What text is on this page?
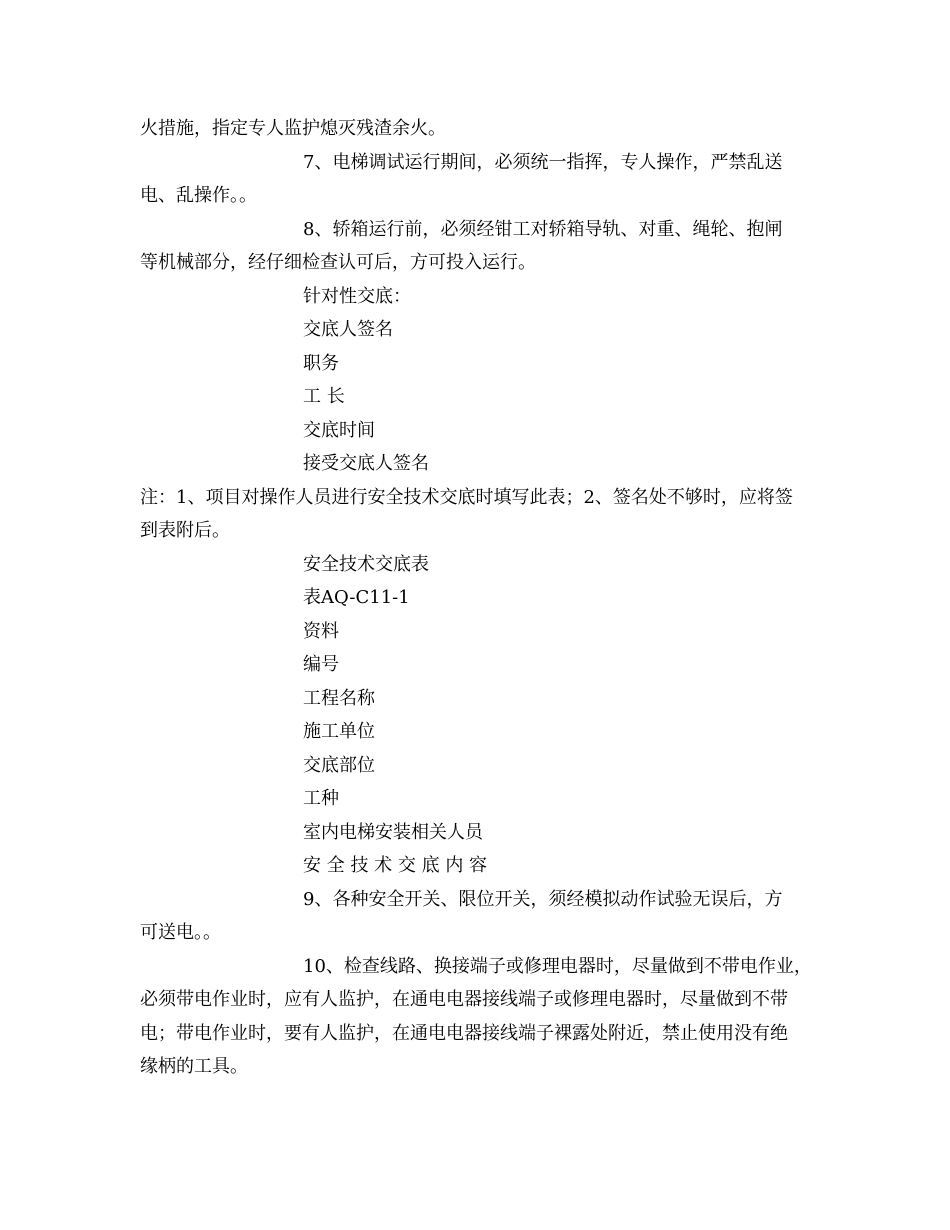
火措施，指定专人监护熄灭残渣余火。
7、电梯调试运行期间，必须统一指挥，专人操作，严禁乱送
电、乱操作。。
8、轿箱运行前，必须经钳工对轿箱导轨、对重、绳轮、抱闸
等机械部分，经仔细检查认可后，方可投入运行。
针对性交底：
交底人签名
职务
工 长
交底时间
接受交底人签名
注：1、项目对操作人员进行安全技术交底时填写此表；2、签名处不够时，应将签
到表附后。
安全技术交底表
表AQ-C11-1
资料
编号
工程名称
施工单位
交底部位
工种
室内电梯安装相关人员
安 全 技 术 交 底 内 容
9、各种安全开关、限位开关，须经模拟动作试验无误后，方
可送电。。
10、检查线路、换接端子或修理电器时，尽量做到不带电作业，
必须带电作业时，应有人监护，在通电电器接线端子或修理电器时，尽量做到不带
电；带电作业时，要有人监护，在通电电器接线端子裸露处附近，禁止使用没有绝
缘柄的工具。
